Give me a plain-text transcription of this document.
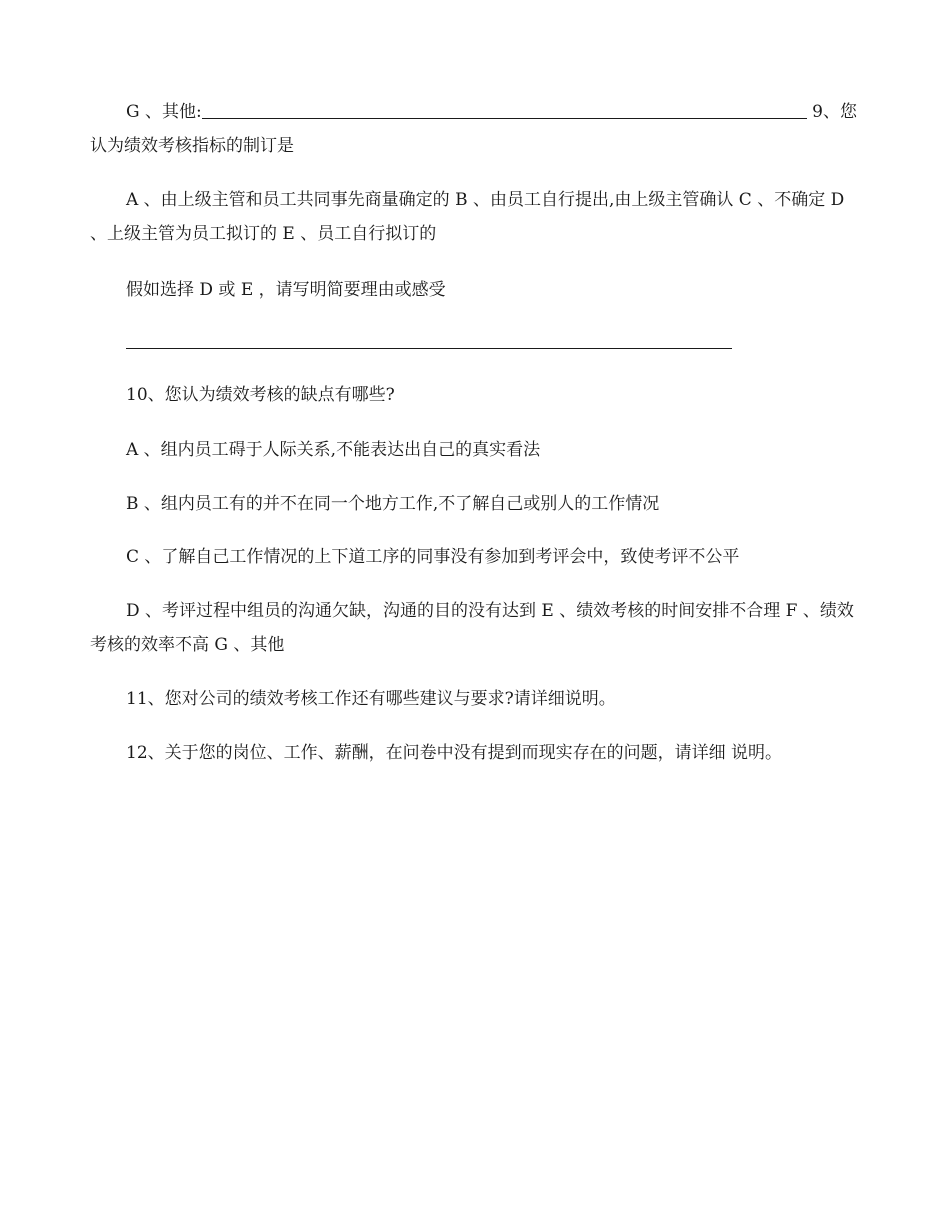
G 、其他:	9、您认为绩效考核指标的制订是

A 、由上级主管和员工共同事先商量确定的 B 、由员工自行提出,由上级主管确认 C 、不确定 D 、上级主管为员工拟订的 E 、员工自行拟订的

假如选择 D 或 E ，请写明简要理由或感受

10、您认为绩效考核的缺点有哪些?

A 、组内员工碍于人际关系,不能表达出自己的真实看法

B 、组内员工有的并不在同一个地方工作,不了解自己或别人的工作情况

C 、了解自己工作情况的上下道工序的同事没有参加到考评会中，致使考评不公平

D 、考评过程中组员的沟通欠缺，沟通的目的没有达到 E 、绩效考核的时间安排不合理 F 、绩效考核的效率不高 G 、其他

11、您对公司的绩效考核工作还有哪些建议与要求?请详细说明。

12、关于您的岗位、工作、薪酬，在问卷中没有提到而现实存在的问题，请详细 说明。
